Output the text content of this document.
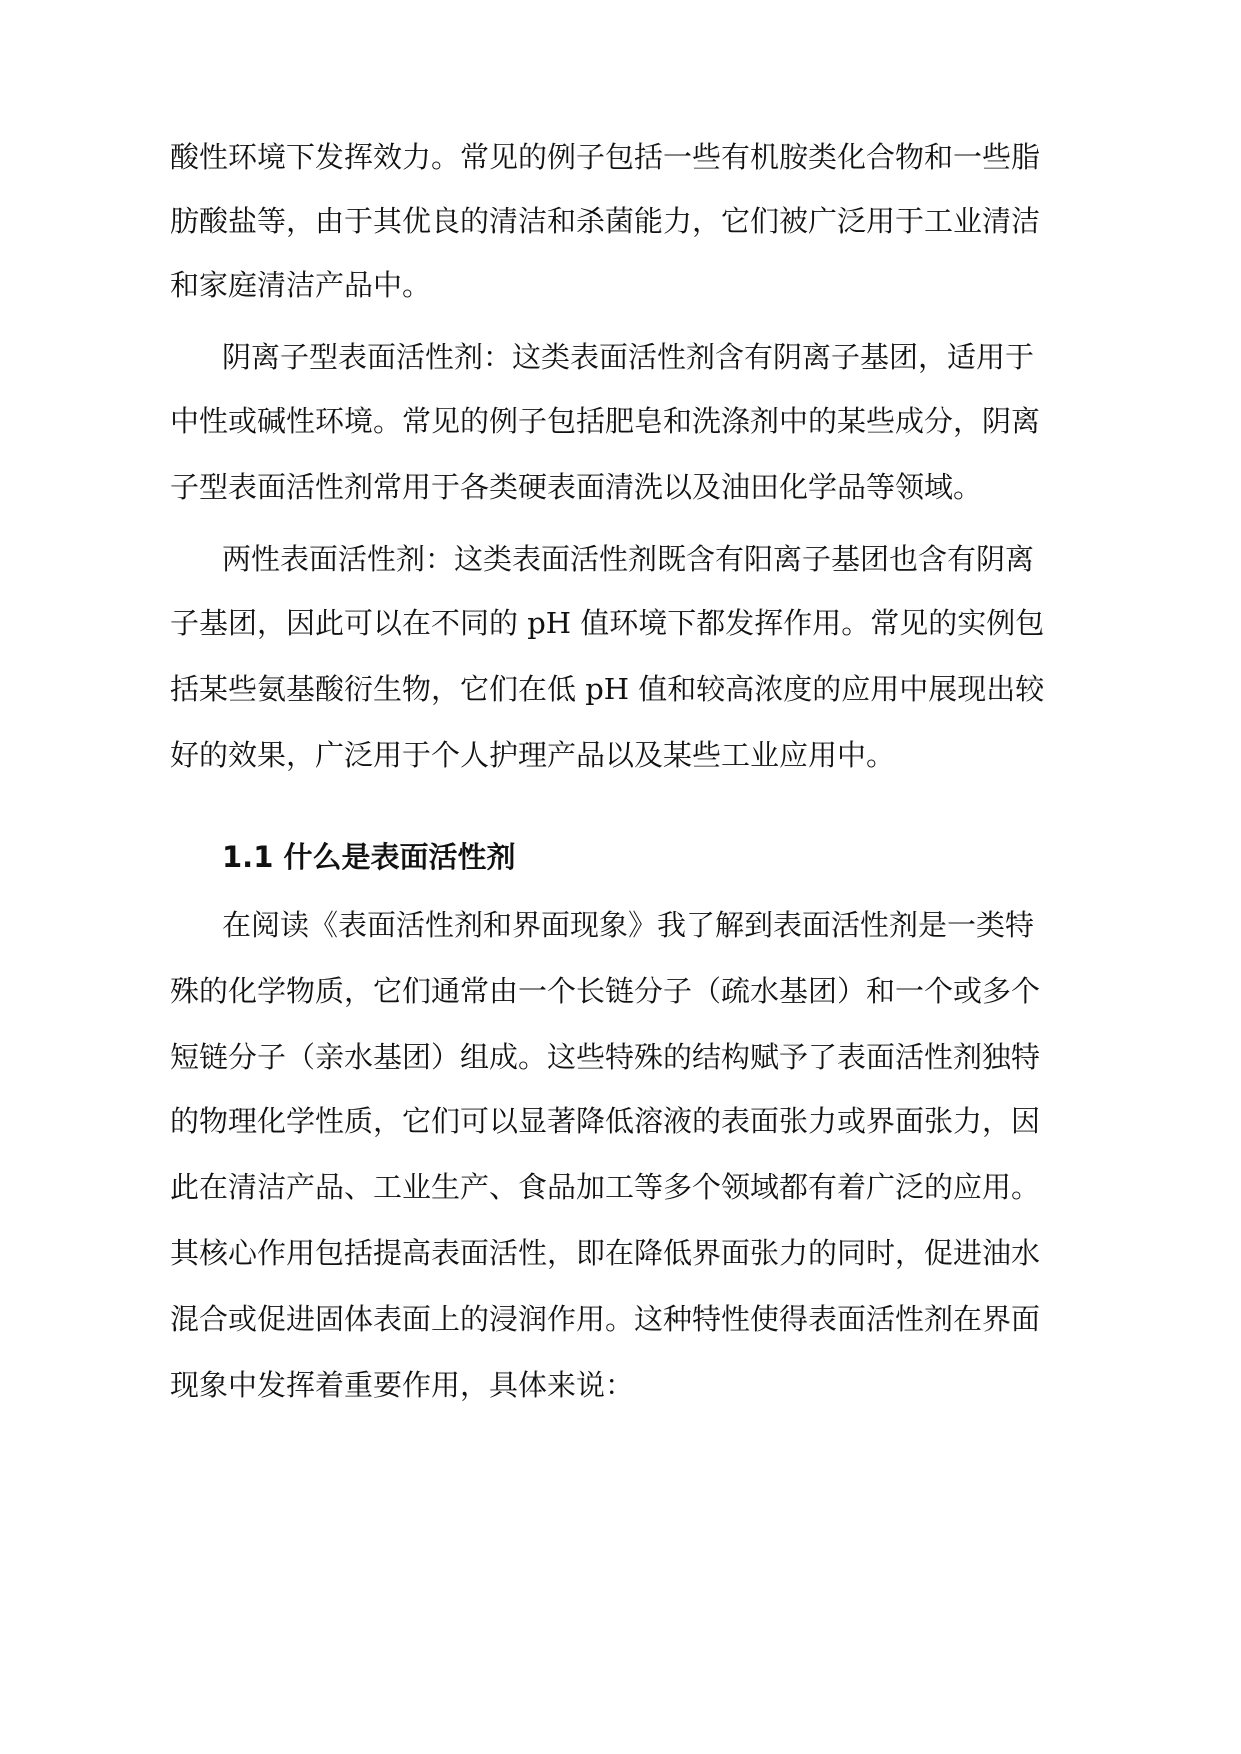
酸性环境下发挥效力。常见的例子包括一些有机胺类化合物和一些脂
肪酸盐等，由于其优良的清洁和杀菌能力，它们被广泛用于工业清洁
和家庭清洁产品中。
阴离子型表面活性剂：这类表面活性剂含有阴离子基团，适用于
中性或碱性环境。常见的例子包括肥皂和洗涤剂中的某些成分，阴离
子型表面活性剂常用于各类硬表面清洗以及油田化学品等领域。
两性表面活性剂：这类表面活性剂既含有阳离子基团也含有阴离
子基团，因此可以在不同的 pH 值环境下都发挥作用。常见的实例包
括某些氨基酸衍生物，它们在低 pH 值和较高浓度的应用中展现出较
好的效果，广泛用于个人护理产品以及某些工业应用中。
1.1 什么是表面活性剂
在阅读《表面活性剂和界面现象》我了解到表面活性剂是一类特
殊的化学物质，它们通常由一个长链分子（疏水基团）和一个或多个
短链分子（亲水基团）组成。这些特殊的结构赋予了表面活性剂独特
的物理化学性质，它们可以显著降低溶液的表面张力或界面张力，因
此在清洁产品、工业生产、食品加工等多个领域都有着广泛的应用。
其核心作用包括提高表面活性，即在降低界面张力的同时，促进油水
混合或促进固体表面上的浸润作用。这种特性使得表面活性剂在界面
现象中发挥着重要作用，具体来说：
